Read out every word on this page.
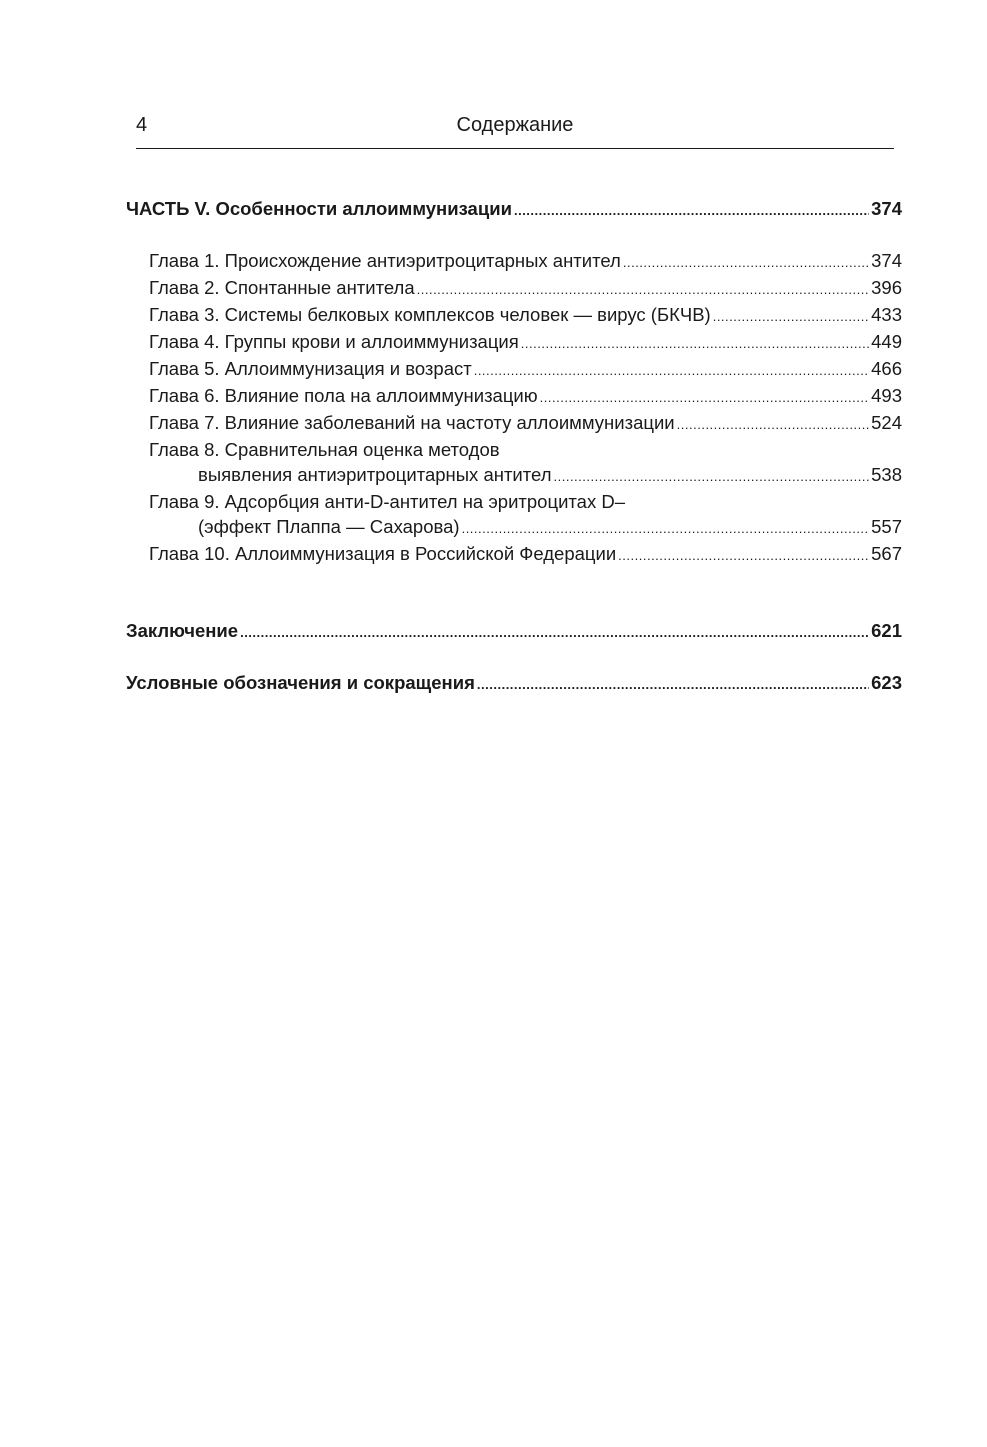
4	Содержание
ЧАСТЬ V. Особенности аллоиммунизации .....	374
Глава 1. Происхождение антиэритроцитарных антител .....	374
Глава 2. Спонтанные антитела .....	396
Глава 3. Системы белковых комплексов человек — вирус (БКЧВ) .....	433
Глава 4. Группы крови и аллоиммунизация .....	449
Глава 5. Аллоиммунизация и возраст .....	466
Глава 6. Влияние пола на аллоиммунизацию .....	493
Глава 7. Влияние заболеваний на частоту аллоиммунизации .....	524
Глава 8. Сравнительная оценка методов
выявления антиэритроцитарных антител .....	538
Глава 9. Адсорбция анти-D-антител на эритроцитах D–
(эффект Плаппа — Сахарова) .....	557
Глава 10. Аллоиммунизация в Российской Федерации .....	567
Заключение .....	621
Условные обозначения и сокращения .....	623
